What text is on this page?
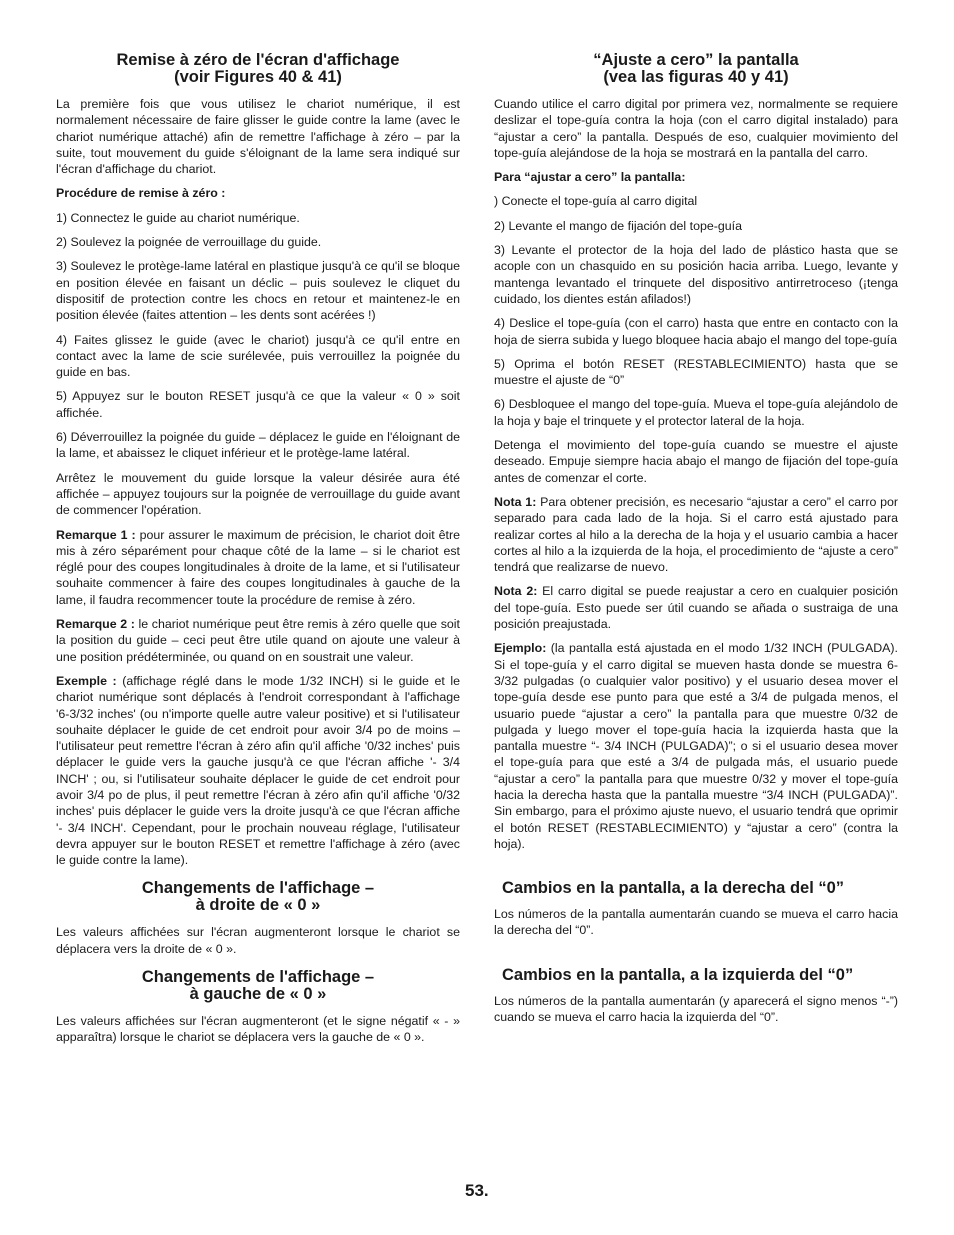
Remise à zéro de l'écran d'affichage
(voir Figures 40 & 41)

La première fois que vous utilisez le chariot numérique, il est normalement nécessaire de faire glisser le guide contre la lame (avec le chariot numérique attaché) afin de remettre l'affichage à zéro – par la suite, tout mouvement du guide s'éloignant de la lame sera indiqué sur l'écran d'affichage du chariot.

Procédure de remise à zéro :

1) Connectez le guide au chariot numérique.

2) Soulevez la poignée de verrouillage du guide.

3) Soulevez le protège-lame latéral en plastique jusqu'à ce qu'il se bloque en position élevée en faisant un déclic – puis soulevez le cliquet du dispositif de protection contre les chocs en retour et maintenez-le en position élevée (faites attention – les dents sont acérées !)

4) Faites glissez le guide (avec le chariot) jusqu'à ce qu'il entre en contact avec la lame de scie surélevée, puis verrouillez la poignée du guide en bas.

5) Appuyez sur le bouton RESET jusqu'à ce que la valeur « 0 » soit affichée.

6) Déverrouillez la poignée du guide – déplacez le guide en l'éloignant de la lame, et abaissez le cliquet inférieur et le protège-lame latéral.

Arrêtez le mouvement du guide lorsque la valeur désirée aura été affichée – appuyez toujours sur la poignée de verrouillage du guide avant de commencer l'opération.

Remarque 1 : pour assurer le maximum de précision, le chariot doit être mis à zéro séparément pour chaque côté de la lame – si le chariot est réglé pour des coupes longitudinales à droite de la lame, et si l'utilisateur souhaite commencer à faire des coupes longitudinales à gauche de la lame, il faudra recommencer toute la procédure de remise à zéro.

Remarque 2 : le chariot numérique peut être remis à zéro quelle que soit la position du guide – ceci peut être utile quand on ajoute une valeur à une position prédéterminée, ou quand on en soustrait une valeur.

Exemple : (affichage réglé dans le mode 1/32 INCH) si le guide et le chariot numérique sont déplacés à l'endroit correspondant à l'affichage '6-3/32 inches' (ou n'importe quelle autre valeur positive) et si l'utilisateur souhaite déplacer le guide de cet endroit pour avoir 3/4 po de moins – l'utilisateur peut remettre l'écran à zéro afin qu'il affiche '0/32 inches' puis déplacer le guide vers la gauche jusqu'à ce que l'écran affiche '- 3/4 INCH' ; ou, si l'utilisateur souhaite déplacer le guide de cet endroit pour avoir 3/4 po de plus, il peut remettre l'écran à zéro afin qu'il affiche '0/32 inches' puis déplacer le guide vers la droite jusqu'à ce que l'écran affiche '- 3/4 INCH'. Cependant, pour le prochain nouveau réglage, l'utilisateur devra appuyer sur le bouton RESET et remettre l'affichage à zéro (avec le guide contre la lame).

Changements de l'affichage –
à droite de « 0 »

Les valeurs affichées sur l'écran augmenteront lorsque le chariot se déplacera vers la droite de « 0 ».

Changements de l'affichage –
à gauche de « 0 »

Les valeurs affichées sur l'écran augmenteront (et le signe négatif « - » apparaîtra) lorsque le chariot se déplacera vers la gauche de « 0 ».

“Ajuste a cero” la pantalla
(vea las figuras 40 y 41)

Cuando utilice el carro digital por primera vez, normalmente se requiere deslizar el tope-guía contra la hoja (con el carro digital instalado) para “ajustar a cero” la pantalla. Después de eso, cualquier movimiento del tope-guía alejándose de la hoja se mostrará en la pantalla del carro.

Para “ajustar a cero” la pantalla:

) Conecte el tope-guía al carro digital

2) Levante el mango de fijación del tope-guía

3) Levante el protector de la hoja del lado de plástico hasta que se acople con un chasquido en su posición hacia arriba. Luego, levante y mantenga levantado el trinquete del dispositivo antirretroceso (¡tenga cuidado, los dientes están afilados!)

4) Deslice el tope-guía (con el carro) hasta que entre en contacto con la hoja de sierra subida y luego bloquee hacia abajo el mango del tope-guía

5) Oprima el botón RESET (RESTABLECIMIENTO) hasta que se muestre el ajuste de “0”

6) Desbloquee el mango del tope-guía. Mueva el tope-guía alejándolo de la hoja y baje el trinquete y el protector lateral de la hoja.

Detenga el movimiento del tope-guía cuando se muestre el ajuste deseado. Empuje siempre hacia abajo el mango de fijación del tope-guía antes de comenzar el corte.

Nota 1: Para obtener precisión, es necesario “ajustar a cero” el carro por separado para cada lado de la hoja. Si el carro está ajustado para realizar cortes al hilo a la derecha de la hoja y el usuario cambia a hacer cortes al hilo a la izquierda de la hoja, el procedimiento de “ajuste a cero” tendrá que realizarse de nuevo.

Nota 2: El carro digital se puede reajustar a cero en cualquier posición del tope-guía. Esto puede ser útil cuando se añada o sustraiga de una posición preajustada.

Ejemplo: (la pantalla está ajustada en el modo 1/32 INCH (PULGADA). Si el tope-guía y el carro digital se mueven hasta donde se muestra 6-3/32 pulgadas (o cualquier valor positivo) y el usuario desea mover el tope-guía desde ese punto para que esté a 3/4 de pulgada menos, el usuario puede “ajustar a cero” la pantalla para que muestre 0/32 de pulgada y luego mover el tope-guía hacia la izquierda hasta que la pantalla muestre “- 3/4 INCH (PULGADA)”; o si el usuario desea mover el tope-guía para que esté a 3/4 de pulgada más, el usuario puede “ajustar a cero” la pantalla para que muestre 0/32 y mover el tope-guía hacia la derecha hasta que la pantalla muestre “3/4 INCH (PULGADA)”. Sin embargo, para el próximo ajuste nuevo, el usuario tendrá que oprimir el botón RESET (RESTABLECIMIENTO) y “ajustar a cero” (contra la hoja).

Cambios en la pantalla, a la derecha del “0”

Los números de la pantalla aumentarán cuando se mueva el carro hacia la derecha del “0”.

Cambios en la pantalla, a la izquierda del “0”

Los números de la pantalla aumentarán (y aparecerá el signo menos “-”) cuando se mueva el carro hacia la izquierda del “0”.

53.
